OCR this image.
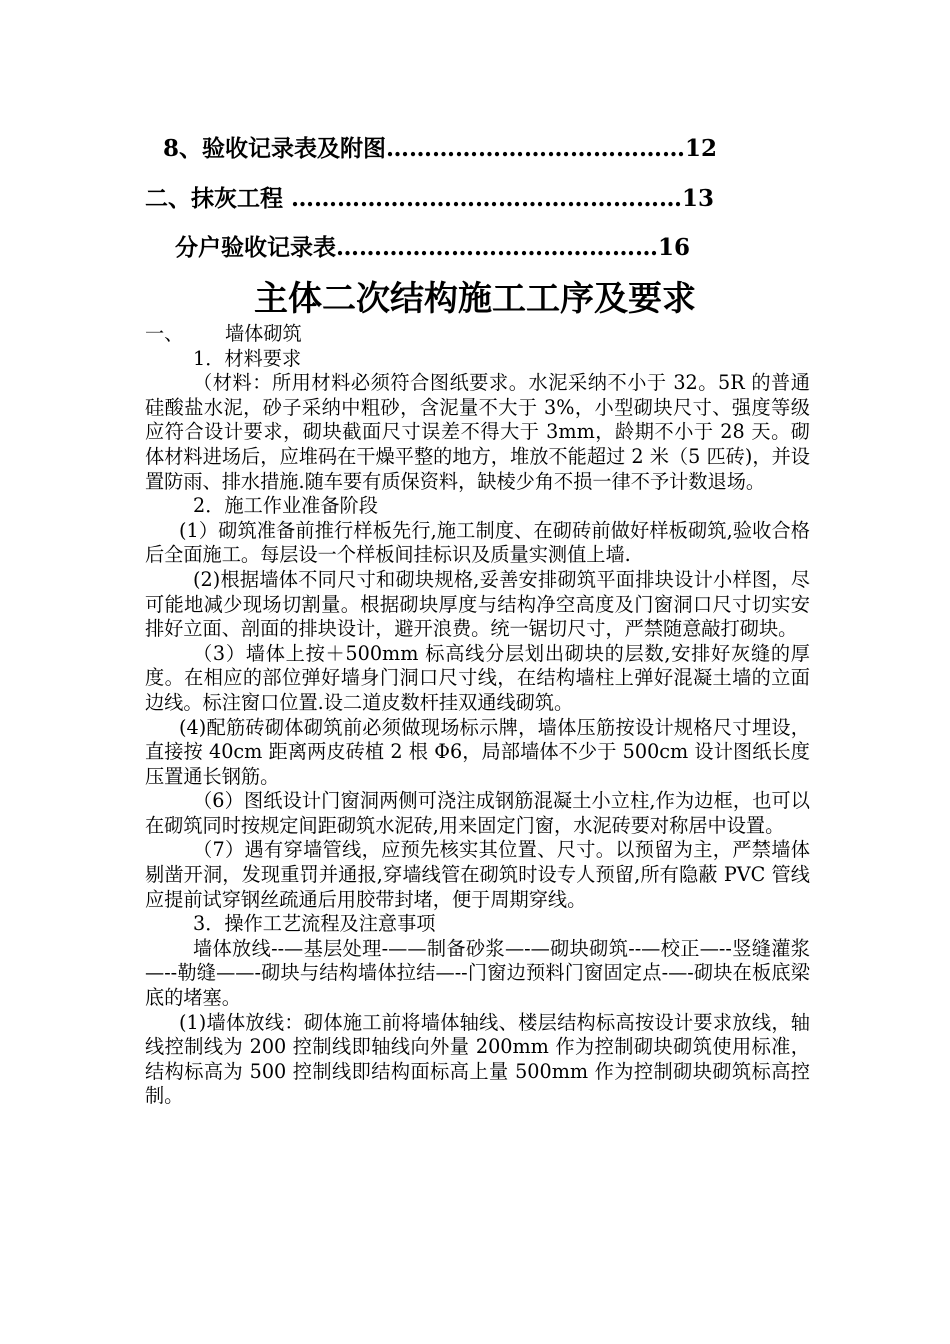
8、验收记录表及附图…………………………………12
二、抹灰工程 ……………………………………………13
分户验收记录表……………………………………16
主体二次结构施工工序及要求

一、 墙体砌筑

1．材料要求

（材料：所用材料必须符合图纸要求。水泥采纳不小于 32。5R 的普通硅酸盐水泥，砂子采纳中粗砂，含泥量不大于 3%，小型砌块尺寸、强度等级应符合设计要求，砌块截面尺寸误差不得大于 3mm，龄期不小于 28 天。砌体材料进场后，应堆码在干燥平整的地方，堆放不能超过 2 米（5 匹砖)，并设置防雨、排水措施.随车要有质保资料，缺棱少角不损一律不予计数退场。

2．施工作业准备阶段

(1）砌筑准备前推行样板先行,施工制度、在砌砖前做好样板砌筑,验收合格后全面施工。每层设一个样板间挂标识及质量实测值上墙.

(2)根据墙体不同尺寸和砌块规格,妥善安排砌筑平面排块设计小样图，尽可能地减少现场切割量。根据砌块厚度与结构净空高度及门窗洞口尺寸切实安排好立面、剖面的排块设计，避开浪费。统一锯切尺寸，严禁随意敲打砌块。

（3）墙体上按＋500mm 标高线分层划出砌块的层数,安排好灰缝的厚度。在相应的部位弹好墙身门洞口尺寸线，在结构墙柱上弹好混凝土墙的立面边线。标注窗口位置.设二道皮数杆挂双通线砌筑。

(4)配筋砖砌体砌筑前必须做现场标示牌，墙体压筋按设计规格尺寸埋设，直接按 40cm 距离两皮砖植 2 根 Φ6，局部墙体不少于 500cm 设计图纸长度压置通长钢筋。

（6）图纸设计门窗洞两侧可浇注成钢筋混凝土小立柱,作为边框，也可以在砌筑同时按规定间距砌筑水泥砖,用来固定门窗，水泥砖要对称居中设置。

（7）遇有穿墙管线，应预先核实其位置、尺寸。以预留为主，严禁墙体剔凿开洞，发现重罚并通报,穿墙线管在砌筑时设专人预留,所有隐蔽 PVC 管线应提前试穿钢丝疏通后用胶带封堵，便于周期穿线。

3．操作工艺流程及注意事项

墙体放线--—基层处理-——制备砂浆—-—砌块砌筑--—校正—--竖缝灌浆—--勒缝——-砌块与结构墙体拉结—--门窗边预料门窗固定点-—-砌块在板底梁底的堵塞。

(1)墙体放线：砌体施工前将墙体轴线、楼层结构标高按设计要求放线，轴线控制线为 200 控制线即轴线向外量 200mm 作为控制砌块砌筑使用标准，结构标高为 500 控制线即结构面标高上量 500mm 作为控制砌块砌筑标高控制。
